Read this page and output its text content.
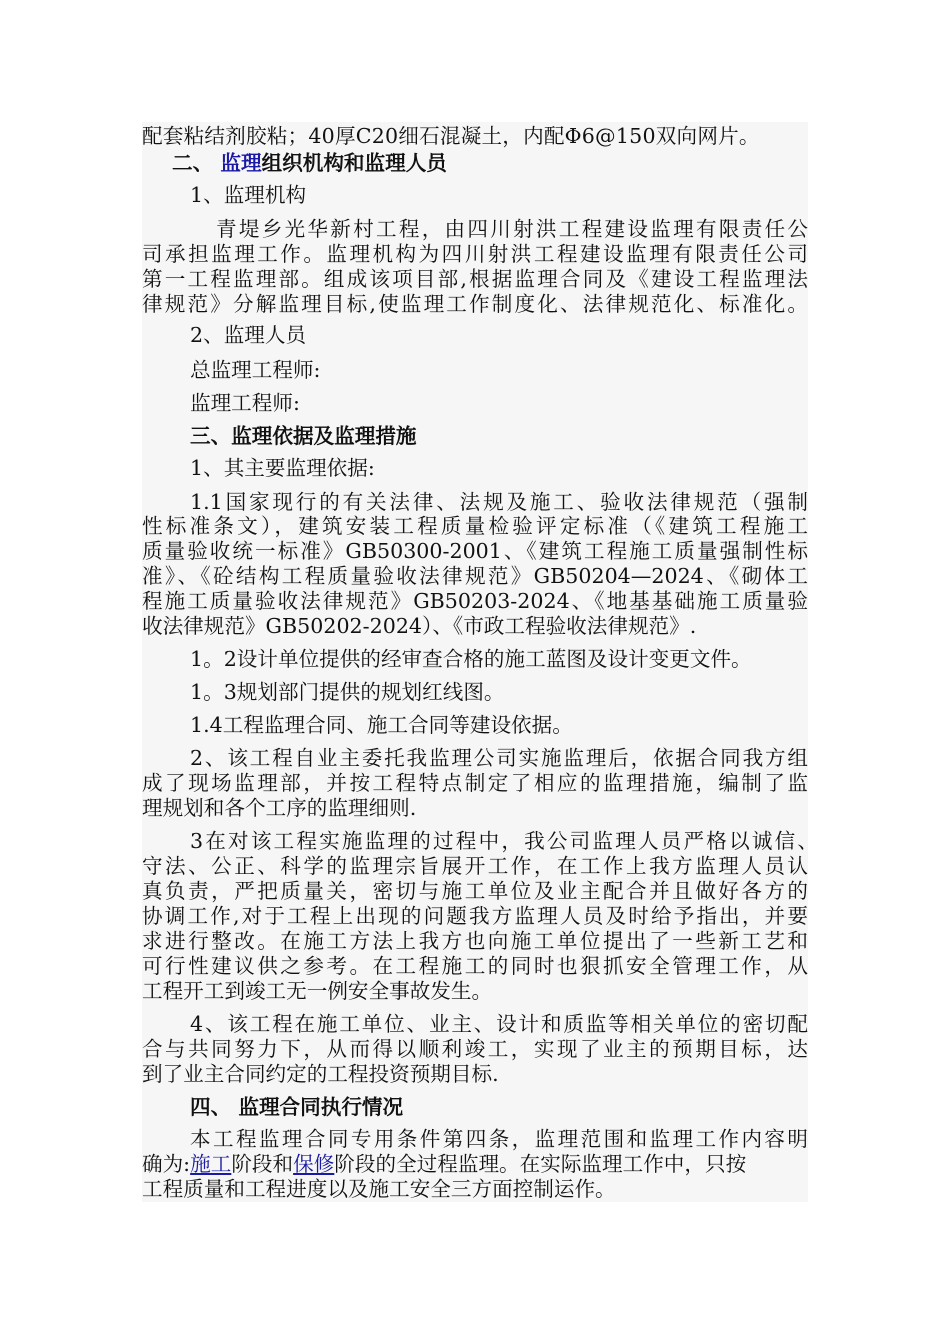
配套粘结剂胶粘；40厚C20细石混凝土，内配Φ6@150双向网片。
二、 监理组织机构和监理人员
1、监理机构
青堤乡光华新村工程，由四川射洪工程建设监理有限责任公
司承担监理工作。监理机构为四川射洪工程建设监理有限责任公司
第一工程监理部。组成该项目部,根据监理合同及《建设工程监理法
律规范》分解监理目标,使监理工作制度化、法律规范化、标准化。
2、监理人员
总监理工程师:
监理工程师:
三、监理依据及监理措施
1、其主要监理依据:
1.1国家现行的有关法律、法规及施工、验收法律规范（强制
性标准条文），建筑安装工程质量检验评定标准（《建筑工程施工
质量验收统一标准》GB50300-2001、《建筑工程施工质量强制性标
准》、《砼结构工程质量验收法律规范》GB50204—2024、《砌体工
程施工质量验收法律规范》GB50203-2024、《地基基础施工质量验
收法律规范》GB50202-2024）、《市政工程验收法律规范》.
1。2设计单位提供的经审查合格的施工蓝图及设计变更文件。
1。3规划部门提供的规划红线图。
1.4工程监理合同、施工合同等建设依据。
2、该工程自业主委托我监理公司实施监理后，依据合同我方组
成了现场监理部，并按工程特点制定了相应的监理措施，编制了监
理规划和各个工序的监理细则.
3在对该工程实施监理的过程中，我公司监理人员严格以诚信、
守法、公正、科学的监理宗旨展开工作，在工作上我方监理人员认
真负责，严把质量关，密切与施工单位及业主配合并且做好各方的
协调工作,对于工程上出现的问题我方监理人员及时给予指出，并要
求进行整改。在施工方法上我方也向施工单位提出了一些新工艺和
可行性建议供之参考。在工程施工的同时也狠抓安全管理工作，从
工程开工到竣工无一例安全事故发生。
4、该工程在施工单位、业主、设计和质监等相关单位的密切配
合与共同努力下，从而得以顺利竣工，实现了业主的预期目标，达
到了业主合同约定的工程投资预期目标.
四、 监理合同执行情况
本工程监理合同专用条件第四条，监理范围和监理工作内容明
确为:施工阶段和保修阶段的全过程监理。在实际监理工作中，只按
工程质量和工程进度以及施工安全三方面控制运作。
